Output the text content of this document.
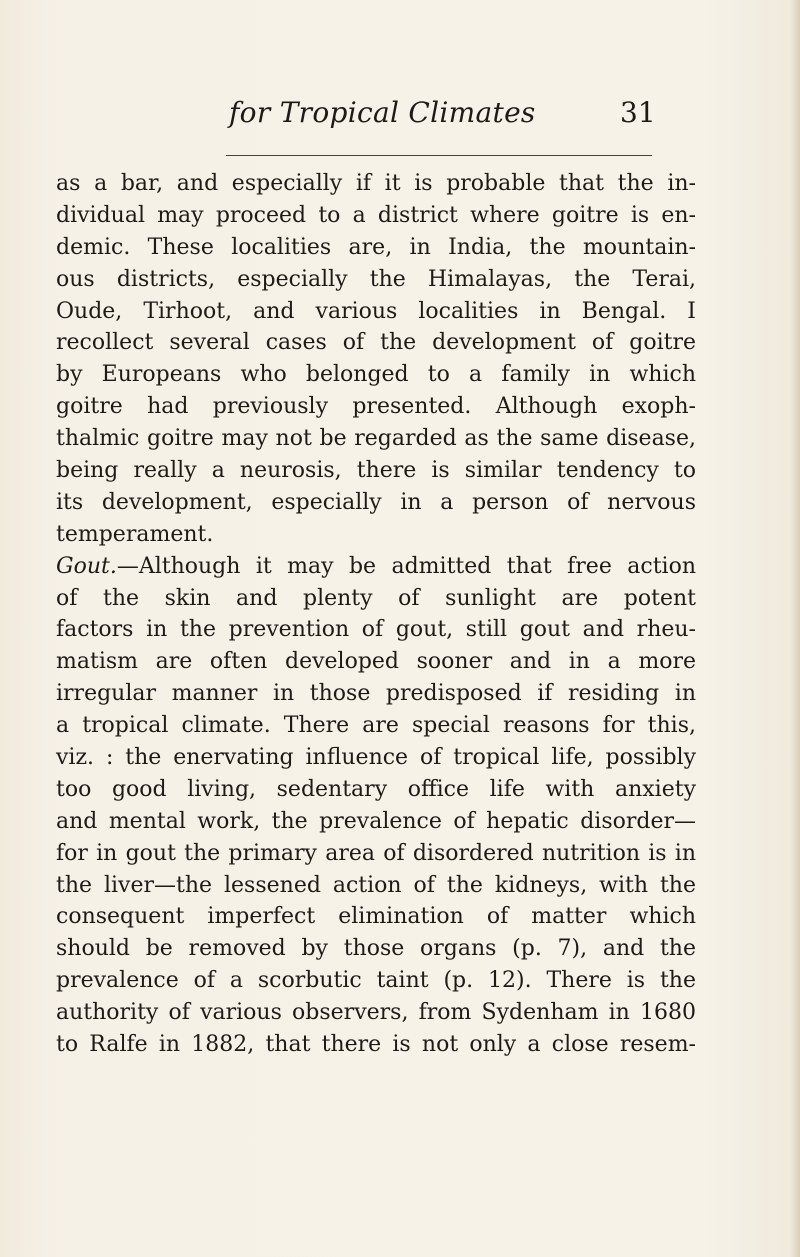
for Tropical Climates	31
as a bar, and especially if it is probable that the in-
dividual may proceed to a district where goitre is en-
demic. These localities are, in India, the mountain-
ous districts, especially the Himalayas, the Terai,
Oude, Tirhoot, and various localities in Bengal. I
recollect several cases of the development of goitre
by Europeans who belonged to a family in which
goitre had previously presented. Although exoph-
thalmic goitre may not be regarded as the same disease,
being really a neurosis, there is similar tendency to
its development, especially in a person of nervous
temperament.
Gout.—Although it may be admitted that free action
of the skin and plenty of sunlight are potent
factors in the prevention of gout, still gout and rheu-
matism are often developed sooner and in a more
irregular manner in those predisposed if residing in
a tropical climate. There are special reasons for this,
viz. : the enervating influence of tropical life, possibly
too good living, sedentary office life with anxiety
and mental work, the prevalence of hepatic disorder—
for in gout the primary area of disordered nutrition is in
the liver—the lessened action of the kidneys, with the
consequent imperfect elimination of matter which
should be removed by those organs (p. 7), and the
prevalence of a scorbutic taint (p. 12). There is the
authority of various observers, from Sydenham in 1680
to Ralfe in 1882, that there is not only a close resem-
